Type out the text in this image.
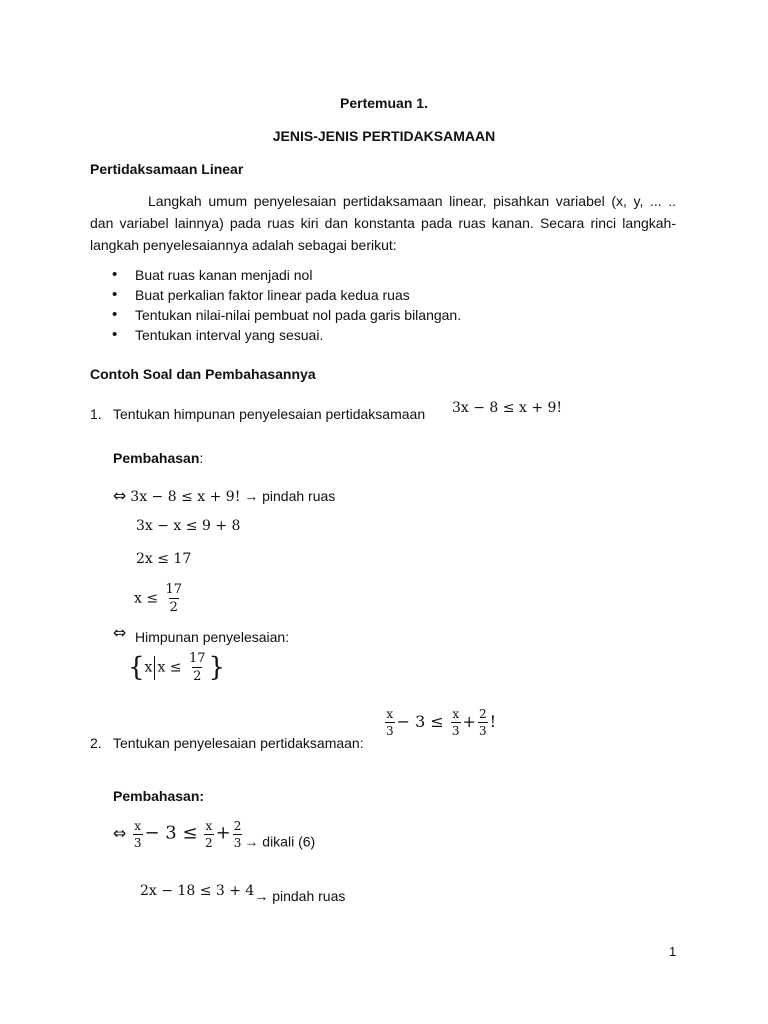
Pertemuan 1.
JENIS-JENIS PERTIDAKSAMAAN
Pertidaksamaan Linear
Langkah umum penyelesaian pertidaksamaan linear, pisahkan variabel (x, y, ... .. dan variabel lainnya) pada ruas kiri dan konstanta pada ruas kanan. Secara rinci langkah-langkah penyelesaiannya adalah sebagai berikut:
• Buat ruas kanan menjadi nol
• Buat perkalian faktor linear pada kedua ruas
• Tentukan nilai-nilai pembuat nol pada garis bilangan.
• Tentukan interval yang sesuai.
Contoh Soal dan Pembahasannya
1. Tentukan himpunan penyelesaian pertidaksamaan 3x − 8 ≤ x + 9!
Pembahasan:
⇔ 3x − 8 ≤ x + 9! → pindah ruas
3x − x ≤ 9 + 8
2x ≤ 17
$x \le \frac{17}{2}$
⇔ Himpunan penyelesaian:
{x $x \le \frac{17}{2}$ }
$\frac{x}{3} - 3 \le \frac{x}{3} + \frac{2}{3}$ !
2. Tentukan penyelesaian pertidaksamaan:
Pembahasan:
⇔ $\frac{x}{3} - 3 \le \frac{x}{2} + \frac{2}{3}$ → dikali (6)
2x − 18 ≤ 3 + 4→ pindah ruas
1
